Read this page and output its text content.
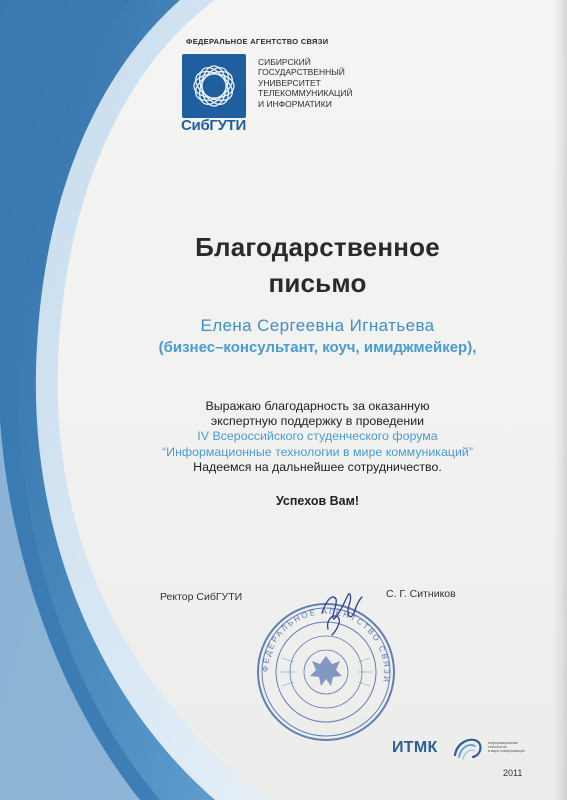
ФЕДЕРАЛЬНОЕ АГЕНТСТВО СВЯЗИ
СибГУТИ
СИБИРСКИЙ
ГОСУДАРСТВЕННЫЙ
УНИВЕРСИТЕТ
ТЕЛЕКОММУНИКАЦИЙ
И ИНФОРМАТИКИ
Благодарственное
письмо
Елена Сергеевна Игнатьева
(бизнес–консультант, коуч, имиджмейкер),
Выражаю благодарность за оказанную
экспертную поддержку в проведении
IV Всероссийского студенческого форума
“Информационные технологии в мире коммуникаций”
Надеемся на дальнейшее сотрудничество.
Успехов Вам!
Ректор СибГУТИ	С. Г. Ситников
ФЕДЕРАЛЬНОЕ АГЕНТСТВО СВЯЗИ
ИТМК	информационные
технологии
в мире коммуникаций
2011
